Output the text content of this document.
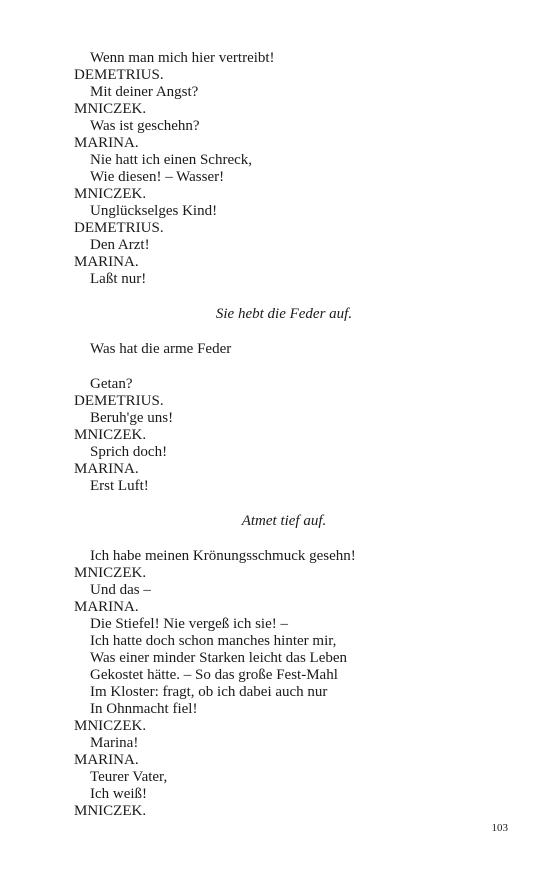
Wenn man mich hier vertreibt!
DEMETRIUS.
Mit deiner Angst?
MNICZEK.
Was ist geschehn?
MARINA.
Nie hatt ich einen Schreck,
Wie diesen! – Wasser!
MNICZEK.
Unglückselges Kind!
DEMETRIUS.
Den Arzt!
MARINA.
Laßt nur!
Sie hebt die Feder auf.
Was hat die arme Feder
Getan?
DEMETRIUS.
Beruh'ge uns!
MNICZEK.
Sprich doch!
MARINA.
Erst Luft!
Atmet tief auf.
Ich habe meinen Krönungsschmuck gesehn!
MNICZEK.
Und das –
MARINA.
Die Stiefel! Nie vergeß ich sie! –
Ich hatte doch schon manches hinter mir,
Was einer minder Starken leicht das Leben
Gekostet hätte. – So das große Fest-Mahl
Im Kloster: fragt, ob ich dabei auch nur
In Ohnmacht fiel!
MNICZEK.
Marina!
MARINA.
Teurer Vater,
Ich weiß!
MNICZEK.
103
